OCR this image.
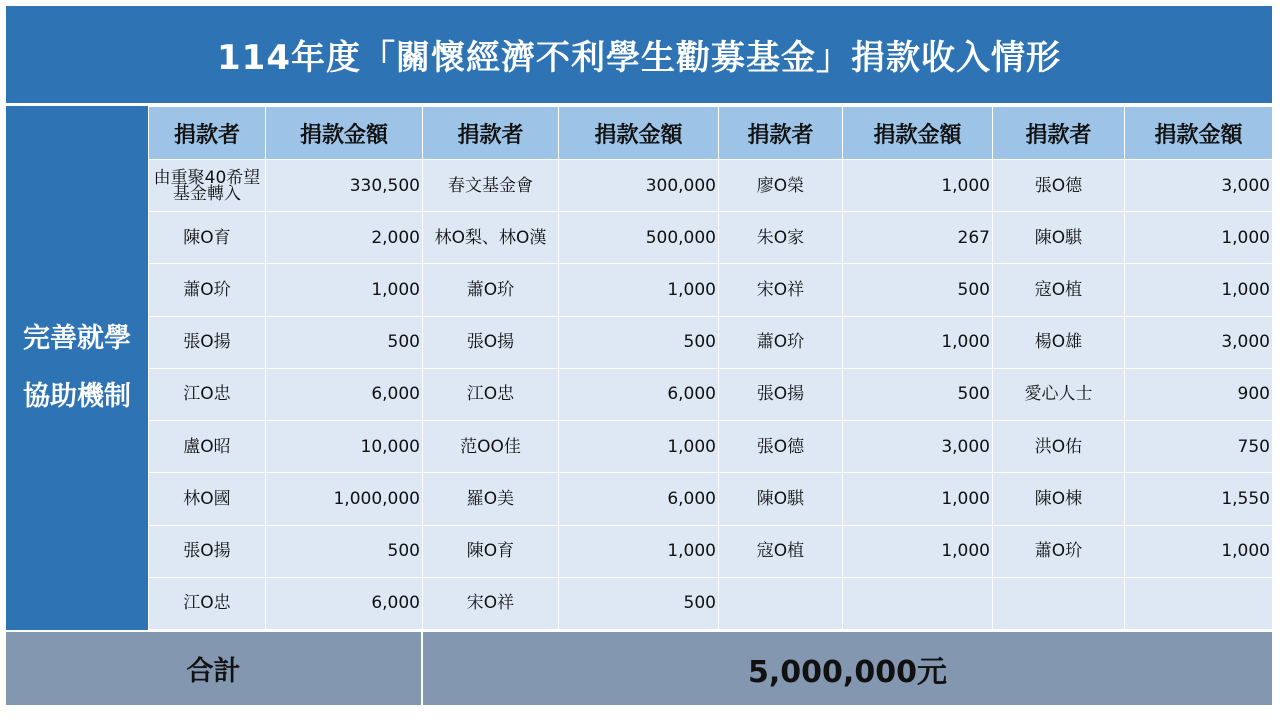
114年度「關懷經濟不利學生勸募基金」捐款收入情形
完善就學
協助機制
捐款者	捐款金額	捐款者	捐款金額	捐款者	捐款金額	捐款者	捐款金額
由重聚40希望基金轉入	330,500	春文基金會	300,000	廖O榮	1,000	張O德	3,000
陳O育	2,000	林O梨、林O漢	500,000	朱O家	267	陳O騏	1,000
蕭O玠	1,000	蕭O玠	1,000	宋O祥	500	寇O植	1,000
張O揚	500	張O揚	500	蕭O玠	1,000	楊O雄	3,000
江O忠	6,000	江O忠	6,000	張O揚	500	愛心人士	900
盧O昭	10,000	范OO佳	1,000	張O德	3,000	洪O佑	750
林O國	1,000,000	羅O美	6,000	陳O騏	1,000	陳O棟	1,550
張O揚	500	陳O育	1,000	寇O植	1,000	蕭O玠	1,000
江O忠	6,000	宋O祥	500				
合計	5,000,000元
